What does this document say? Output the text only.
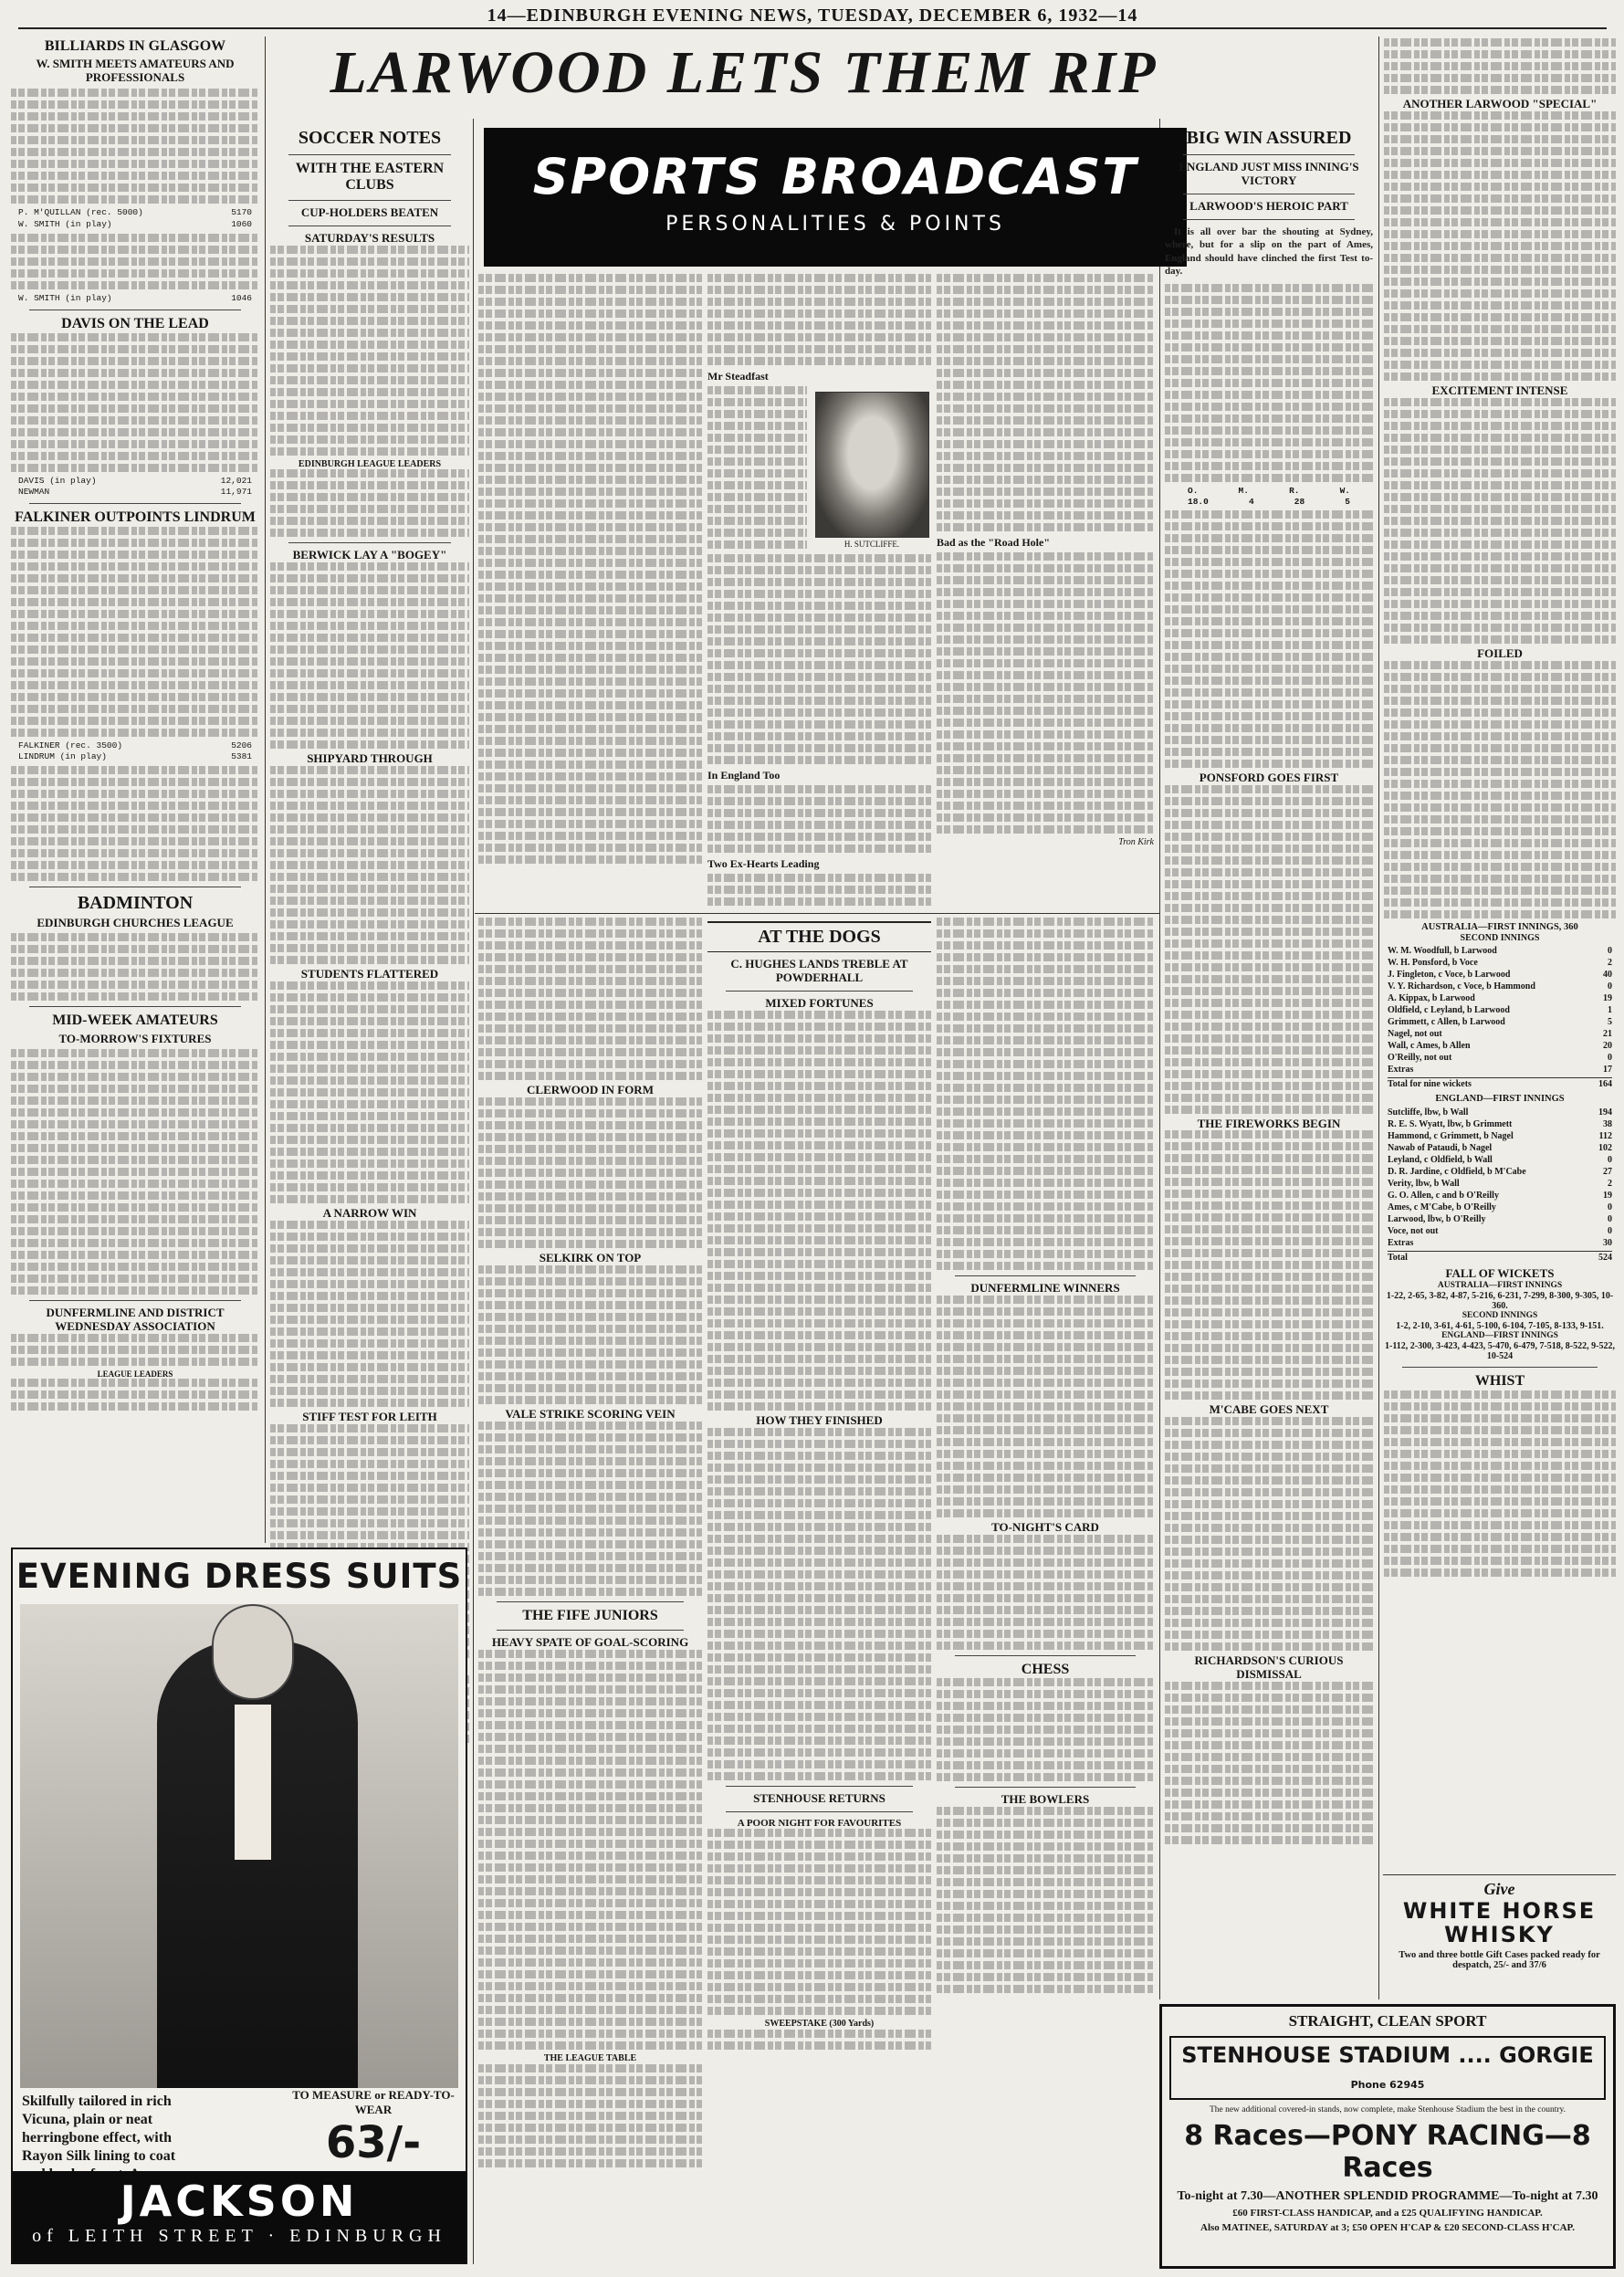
14—EDINBURGH EVENING NEWS, TUESDAY, DECEMBER 6, 1932—14
LARWOOD LETS THEM RIP
SPORTS BROADCAST
PERSONALITIES & POINTS
BILLIARDS IN GLASGOW
W. SMITH MEETS AMATEURS AND PROFESSIONALS
P. M'QUILLAN (rec. 5000)	5170
W. SMITH (in play)	1060
W. SMITH (in play)	1046
DAVIS ON THE LEAD
DAVIS (in play)	12,021
NEWMAN	11,971
FALKINER OUTPOINTS LINDRUM
FALKINER (rec. 3500)	5206
LINDRUM (in play)	5381
BADMINTON
EDINBURGH CHURCHES LEAGUE
MID-WEEK AMATEURS
TO-MORROW'S FIXTURES
DUNFERMLINE AND DISTRICT WEDNESDAY ASSOCIATION
LEAGUE LEADERS
SOCCER NOTES
WITH THE EASTERN CLUBS
CUP-HOLDERS BEATEN
SATURDAY'S RESULTS
EDINBURGH LEAGUE LEADERS
BERWICK LAY A "BOGEY"
SHIPYARD THROUGH
STUDENTS FLATTERED
A NARROW WIN
STIFF TEST FOR LEITH
Mr Steadfast
H. SUTCLIFFE.
In England Too
Two Ex-Hearts Leading
Bad as the "Road Hole"
Tron Kirk
CLERWOOD IN FORM
SELKIRK ON TOP
VALE STRIKE SCORING VEIN
THE FIFE JUNIORS
HEAVY SPATE OF GOAL-SCORING
THE LEAGUE TABLE
AT THE DOGS
C. HUGHES LANDS TREBLE AT POWDERHALL
MIXED FORTUNES
HOW THEY FINISHED
STENHOUSE RETURNS
A POOR NIGHT FOR FAVOURITES
SWEEPSTAKE (300 Yards)
DUNFERMLINE WINNERS
TO-NIGHT'S CARD
CHESS
THE BOWLERS
BIG WIN ASSURED
ENGLAND JUST MISS INNING'S VICTORY
LARWOOD'S HEROIC PART

It is all over bar the shouting at Sydney, where, but for a slip on the part of Ames, England should have clinched the first Test to-day.

O.	M.	R.	W.
18.0	4	28	5
PONSFORD GOES FIRST
THE FIREWORKS BEGIN
M'CABE GOES NEXT
RICHARDSON'S CURIOUS DISMISSAL
ANOTHER LARWOOD "SPECIAL"
EXCITEMENT INTENSE
FOILED
AUSTRALIA—FIRST INNINGS, 360
SECOND INNINGS
W. M. Woodfull, b Larwood	0
W. H. Ponsford, b Voce	2
J. Fingleton, c Voce, b Larwood	40
V. Y. Richardson, c Voce, b Hammond	0
A. Kippax, b Larwood	19
Oldfield, c Leyland, b Larwood	1
Grimmett, c Allen, b Larwood	5
Nagel, not out	21
Wall, c Ames, b Allen	20
O'Reilly, not out	0
Extras	17
Total for nine wickets	164
ENGLAND—FIRST INNINGS
Sutcliffe, lbw, b Wall	194
R. E. S. Wyatt, lbw, b Grimmett	38
Hammond, c Grimmett, b Nagel	112
Nawab of Pataudi, b Nagel	102
Leyland, c Oldfield, b Wall	0
D. R. Jardine, c Oldfield, b M'Cabe	27
Verity, lbw, b Wall	2
G. O. Allen, c and b O'Reilly	19
Ames, c M'Cabe, b O'Reilly	0
Larwood, lbw, b O'Reilly	0
Voce, not out	0
Extras	30
Total	524
FALL OF WICKETS
AUSTRALIA—FIRST INNINGS
1-22, 2-65, 3-82, 4-87, 5-216, 6-231, 7-299, 8-300, 9-305, 10-360.
SECOND INNINGS
1-2, 2-10, 3-61, 4-61, 5-100, 6-104, 7-105, 8-133, 9-151.
ENGLAND—FIRST INNINGS
1-112, 2-300, 3-423, 4-423, 5-470, 6-479, 7-518, 8-522, 9-522, 10-524
WHIST
EVENING DRESS SUITS
Skilfully tailored in rich Vicuna, plain or neat herringbone effect, with Rayon Silk lining to coat
TO MEASURE or READY-TO-WEAR
63/-
JACKSON
of LEITH STREET · EDINBURGH
Give
WHITE HORSE WHISKY
Two and three bottle Gift Cases packed ready for despatch, 25/- and 37/6
STRAIGHT, CLEAN SPORT
STENHOUSE STADIUM .... GORGIE Phone 62945
The new additional covered-in stands, now complete, make Stenhouse Stadium the best in the country.
8 Races—PONY RACING—8 Races
To-night at 7.30—ANOTHER SPLENDID PROGRAMME—To-night at 7.30
£60 FIRST-CLASS HANDICAP, and a £25 QUALIFYING HANDICAP.
Also MATINEE, SATURDAY at 3; £50 OPEN H'CAP & £20 SECOND-CLASS H'CAP.
